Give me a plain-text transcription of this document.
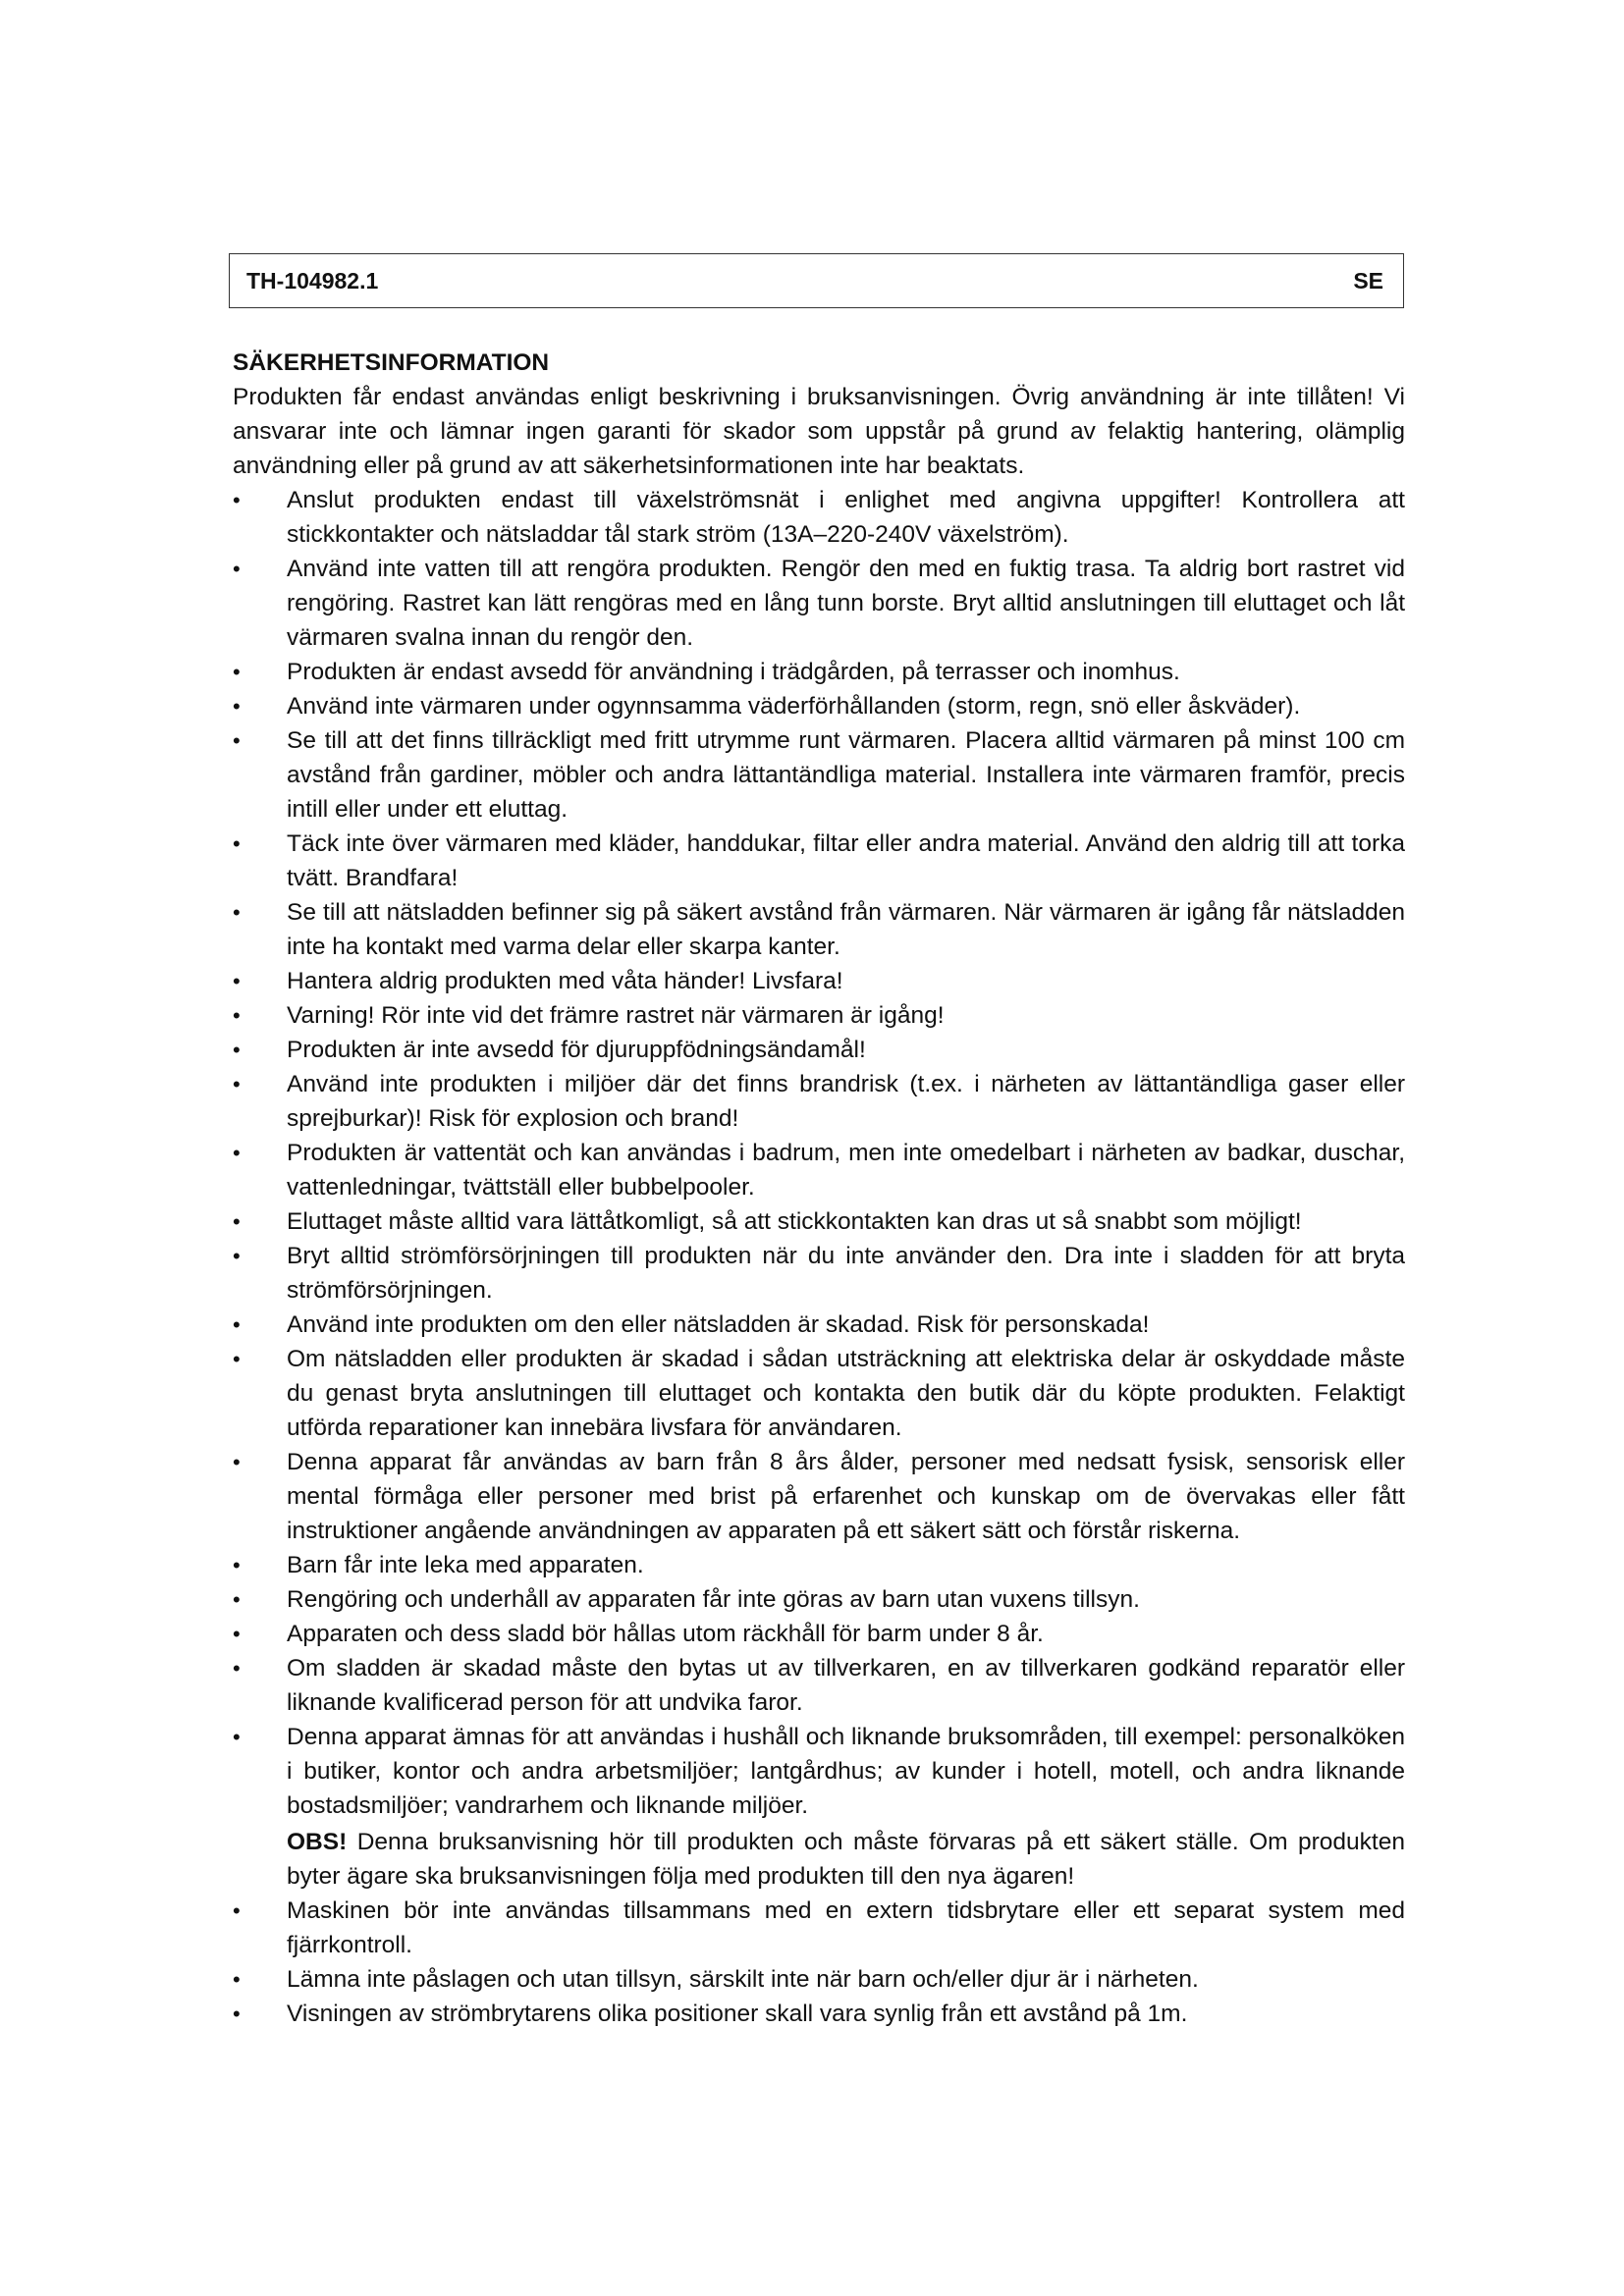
TH-104982.1	SE

SÄKERHETSINFORMATION

Produkten får endast användas enligt beskrivning i bruksanvisningen. Övrig användning är inte tillåten! Vi ansvarar inte och lämnar ingen garanti för skador som uppstår på grund av felaktig hantering, olämplig användning eller på grund av att säkerhetsinformationen inte har beaktats.

•	Anslut produkten endast till växelströmsnät i enlighet med angivna uppgifter! Kontrollera att stickkontakter och nätsladdar tål stark ström (13A–220-240V växelström).
•	Använd inte vatten till att rengöra produkten. Rengör den med en fuktig trasa. Ta aldrig bort rastret vid rengöring. Rastret kan lätt rengöras med en lång tunn borste. Bryt alltid anslutningen till eluttaget och låt värmaren svalna innan du rengör den.
•	Produkten är endast avsedd för användning i trädgården, på terrasser och inomhus.
•	Använd inte värmaren under ogynnsamma väderförhållanden (storm, regn, snö eller åskväder).
•	Se till att det finns tillräckligt med fritt utrymme runt värmaren. Placera alltid värmaren på minst 100 cm avstånd från gardiner, möbler och andra lättantändliga material. Installera inte värmaren framför, precis intill eller under ett eluttag.
•	Täck inte över värmaren med kläder, handdukar, filtar eller andra material. Använd den aldrig till att torka tvätt. Brandfara!
•	Se till att nätsladden befinner sig på säkert avstånd från värmaren. När värmaren är igång får nätsladden inte ha kontakt med varma delar eller skarpa kanter.
•	Hantera aldrig produkten med våta händer! Livsfara!
•	Varning! Rör inte vid det främre rastret när värmaren är igång!
•	Produkten är inte avsedd för djuruppfödningsändamål!
•	Använd inte produkten i miljöer där det finns brandrisk (t.ex. i närheten av lättantändliga gaser eller sprejburkar)! Risk för explosion och brand!
•	Produkten är vattentät och kan användas i badrum, men inte omedelbart i närheten av badkar, duschar, vattenledningar, tvättställ eller bubbelpooler.
•	Eluttaget måste alltid vara lättåtkomligt, så att stickkontakten kan dras ut så snabbt som möjligt!
•	Bryt alltid strömförsörjningen till produkten när du inte använder den. Dra inte i sladden för att bryta strömförsörjningen.
•	Använd inte produkten om den eller nätsladden är skadad. Risk för personskada!
•	Om nätsladden eller produkten är skadad i sådan utsträckning att elektriska delar är oskyddade måste du genast bryta anslutningen till eluttaget och kontakta den butik där du köpte produkten. Felaktigt utförda reparationer kan innebära livsfara för användaren.
•	Denna apparat får användas av barn från 8 års ålder, personer med nedsatt fysisk, sensorisk eller mental förmåga eller personer med brist på erfarenhet och kunskap om de övervakas eller fått instruktioner angående användningen av apparaten på ett säkert sätt och förstår riskerna.
•	Barn får inte leka med apparaten.
•	Rengöring och underhåll av apparaten får inte göras av barn utan vuxens tillsyn.
•	Apparaten och dess sladd bör hållas utom räckhåll för barm under 8 år.
•	Om sladden är skadad måste den bytas ut av tillverkaren, en av tillverkaren godkänd reparatör eller liknande kvalificerad person för att undvika faror.
•	Denna apparat ämnas för att användas i hushåll och liknande bruksområden, till exempel: personalköken i butiker, kontor och andra arbetsmiljöer; lantgårdhus; av kunder i hotell, motell, och andra liknande bostadsmiljöer; vandrarhem och liknande miljöer.
OBS! Denna bruksanvisning hör till produkten och måste förvaras på ett säkert ställe. Om produkten byter ägare ska bruksanvisningen följa med produkten till den nya ägaren!
•	Maskinen bör inte användas tillsammans med en extern tidsbrytare eller ett separat system med fjärrkontroll.
•	Lämna inte påslagen och utan tillsyn, särskilt inte när barn och/eller djur är i närheten.
•	Visningen av strömbrytarens olika positioner skall vara synlig från ett avstånd på 1m.
